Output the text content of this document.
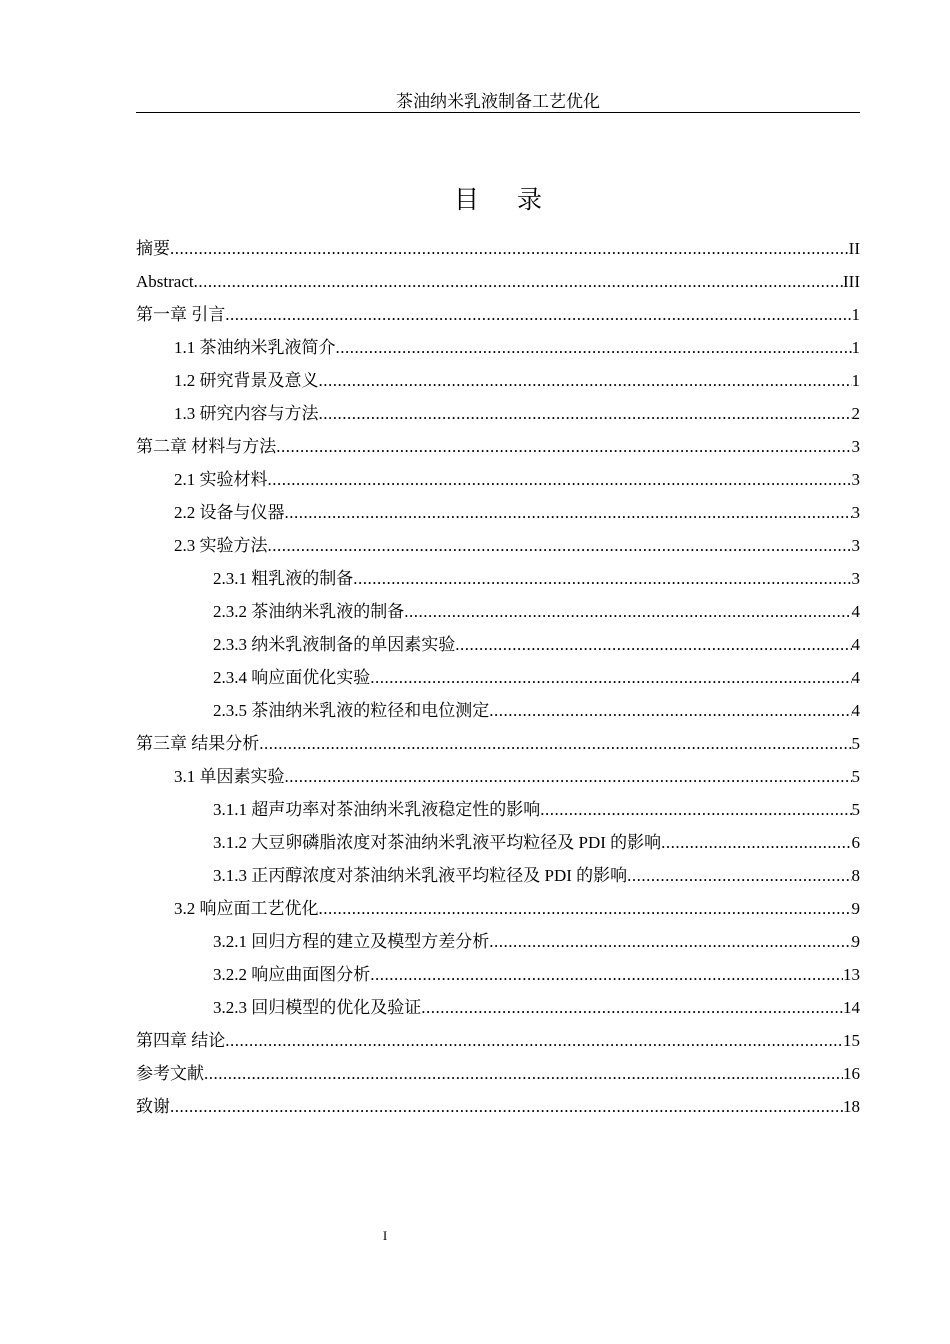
茶油纳米乳液制备工艺优化
目录
摘要 .....	II
Abstract .....	III
第一章 引言 .....	1
1.1 茶油纳米乳液简介 .....	1
1.2 研究背景及意义 .....	1
1.3 研究内容与方法 .....	2
第二章 材料与方法 .....	3
2.1 实验材料 .....	3
2.2 设备与仪器 .....	3
2.3 实验方法 .....	3
2.3.1 粗乳液的制备 .....	3
2.3.2 茶油纳米乳液的制备 .....	4
2.3.3 纳米乳液制备的单因素实验 .....	4
2.3.4 响应面优化实验 .....	4
2.3.5 茶油纳米乳液的粒径和电位测定 .....	4
第三章 结果分析 .....	5
3.1 单因素实验 .....	5
3.1.1 超声功率对茶油纳米乳液稳定性的影响 .....	5
3.1.2 大豆卵磷脂浓度对茶油纳米乳液平均粒径及 PDI 的影响 .....	6
3.1.3 正丙醇浓度对茶油纳米乳液平均粒径及 PDI 的影响 .....	8
3.2 响应面工艺优化 .....	9
3.2.1 回归方程的建立及模型方差分析 .....	9
3.2.2 响应曲面图分析 .....	13
3.2.3 回归模型的优化及验证 .....	14
第四章 结论 .....	15
参考文献 .....	16
致谢 .....	18
I
